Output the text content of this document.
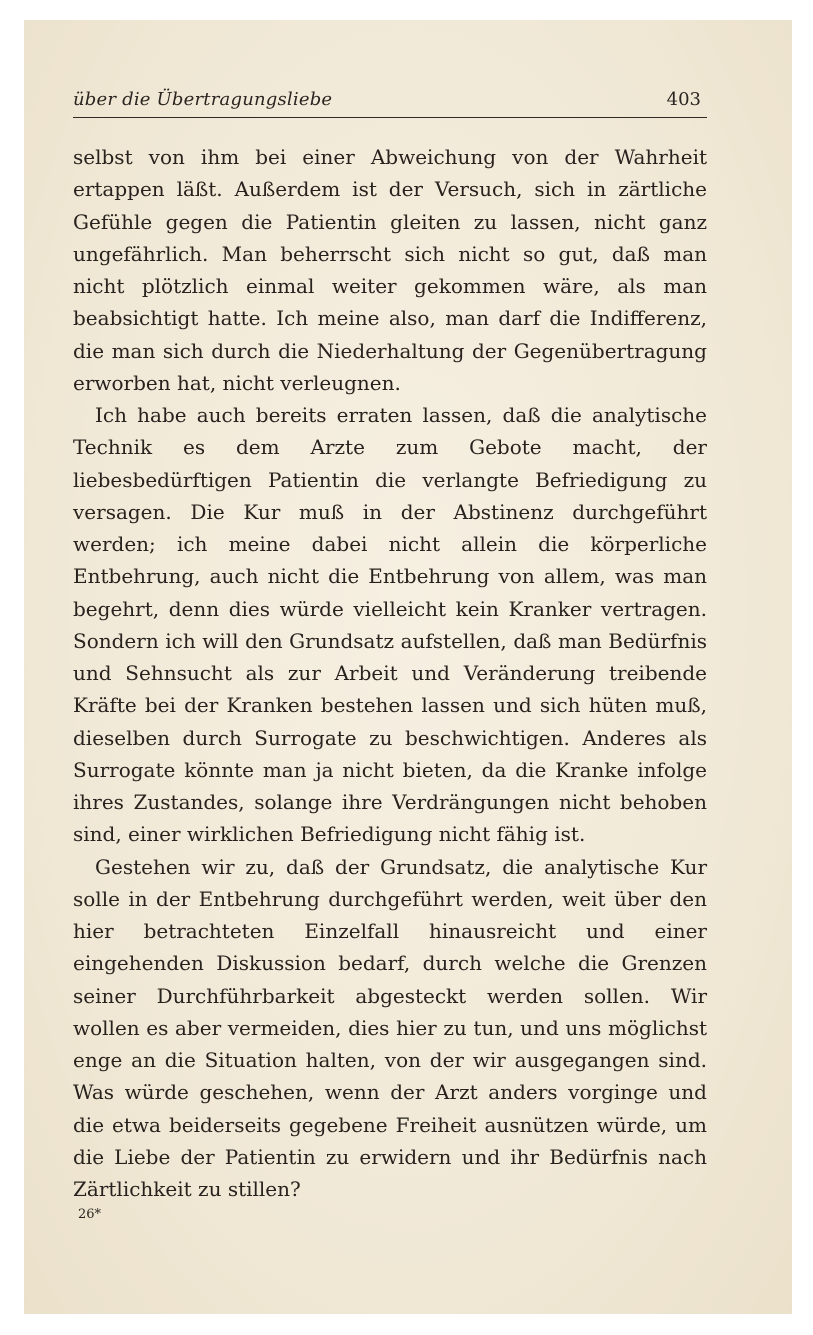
über die Übertragungsliebe	403

selbst von ihm bei einer Abweichung von der Wahrheit ertappen läßt. Außerdem ist der Versuch, sich in zärtliche Gefühle gegen die Patientin gleiten zu lassen, nicht ganz ungefährlich. Man beherrscht sich nicht so gut, daß man nicht plötzlich einmal weiter gekommen wäre, als man beabsichtigt hatte. Ich meine also, man darf die Indifferenz, die man sich durch die Niederhaltung der Gegenübertragung erworben hat, nicht verleugnen.

Ich habe auch bereits erraten lassen, daß die analytische Technik es dem Arzte zum Gebote macht, der liebesbedürftigen Patientin die verlangte Befriedigung zu versagen. Die Kur muß in der Abstinenz durchgeführt werden; ich meine dabei nicht allein die körperliche Entbehrung, auch nicht die Entbehrung von allem, was man begehrt, denn dies würde vielleicht kein Kranker vertragen. Sondern ich will den Grundsatz aufstellen, daß man Bedürfnis und Sehnsucht als zur Arbeit und Veränderung treibende Kräfte bei der Kranken bestehen lassen und sich hüten muß, dieselben durch Surrogate zu beschwichtigen. Anderes als Surrogate könnte man ja nicht bieten, da die Kranke infolge ihres Zustandes, solange ihre Verdrängungen nicht behoben sind, einer wirklichen Befriedigung nicht fähig ist.

Gestehen wir zu, daß der Grundsatz, die analytische Kur solle in der Entbehrung durchgeführt werden, weit über den hier betrachteten Einzelfall hinausreicht und einer eingehenden Diskussion bedarf, durch welche die Grenzen seiner Durchführbarkeit abgesteckt werden sollen. Wir wollen es aber vermeiden, dies hier zu tun, und uns möglichst enge an die Situation halten, von der wir ausgegangen sind. Was würde geschehen, wenn der Arzt anders vorginge und die etwa beiderseits gegebene Freiheit ausnützen würde, um die Liebe der Patientin zu erwidern und ihr Bedürfnis nach Zärtlichkeit zu stillen?

26*
